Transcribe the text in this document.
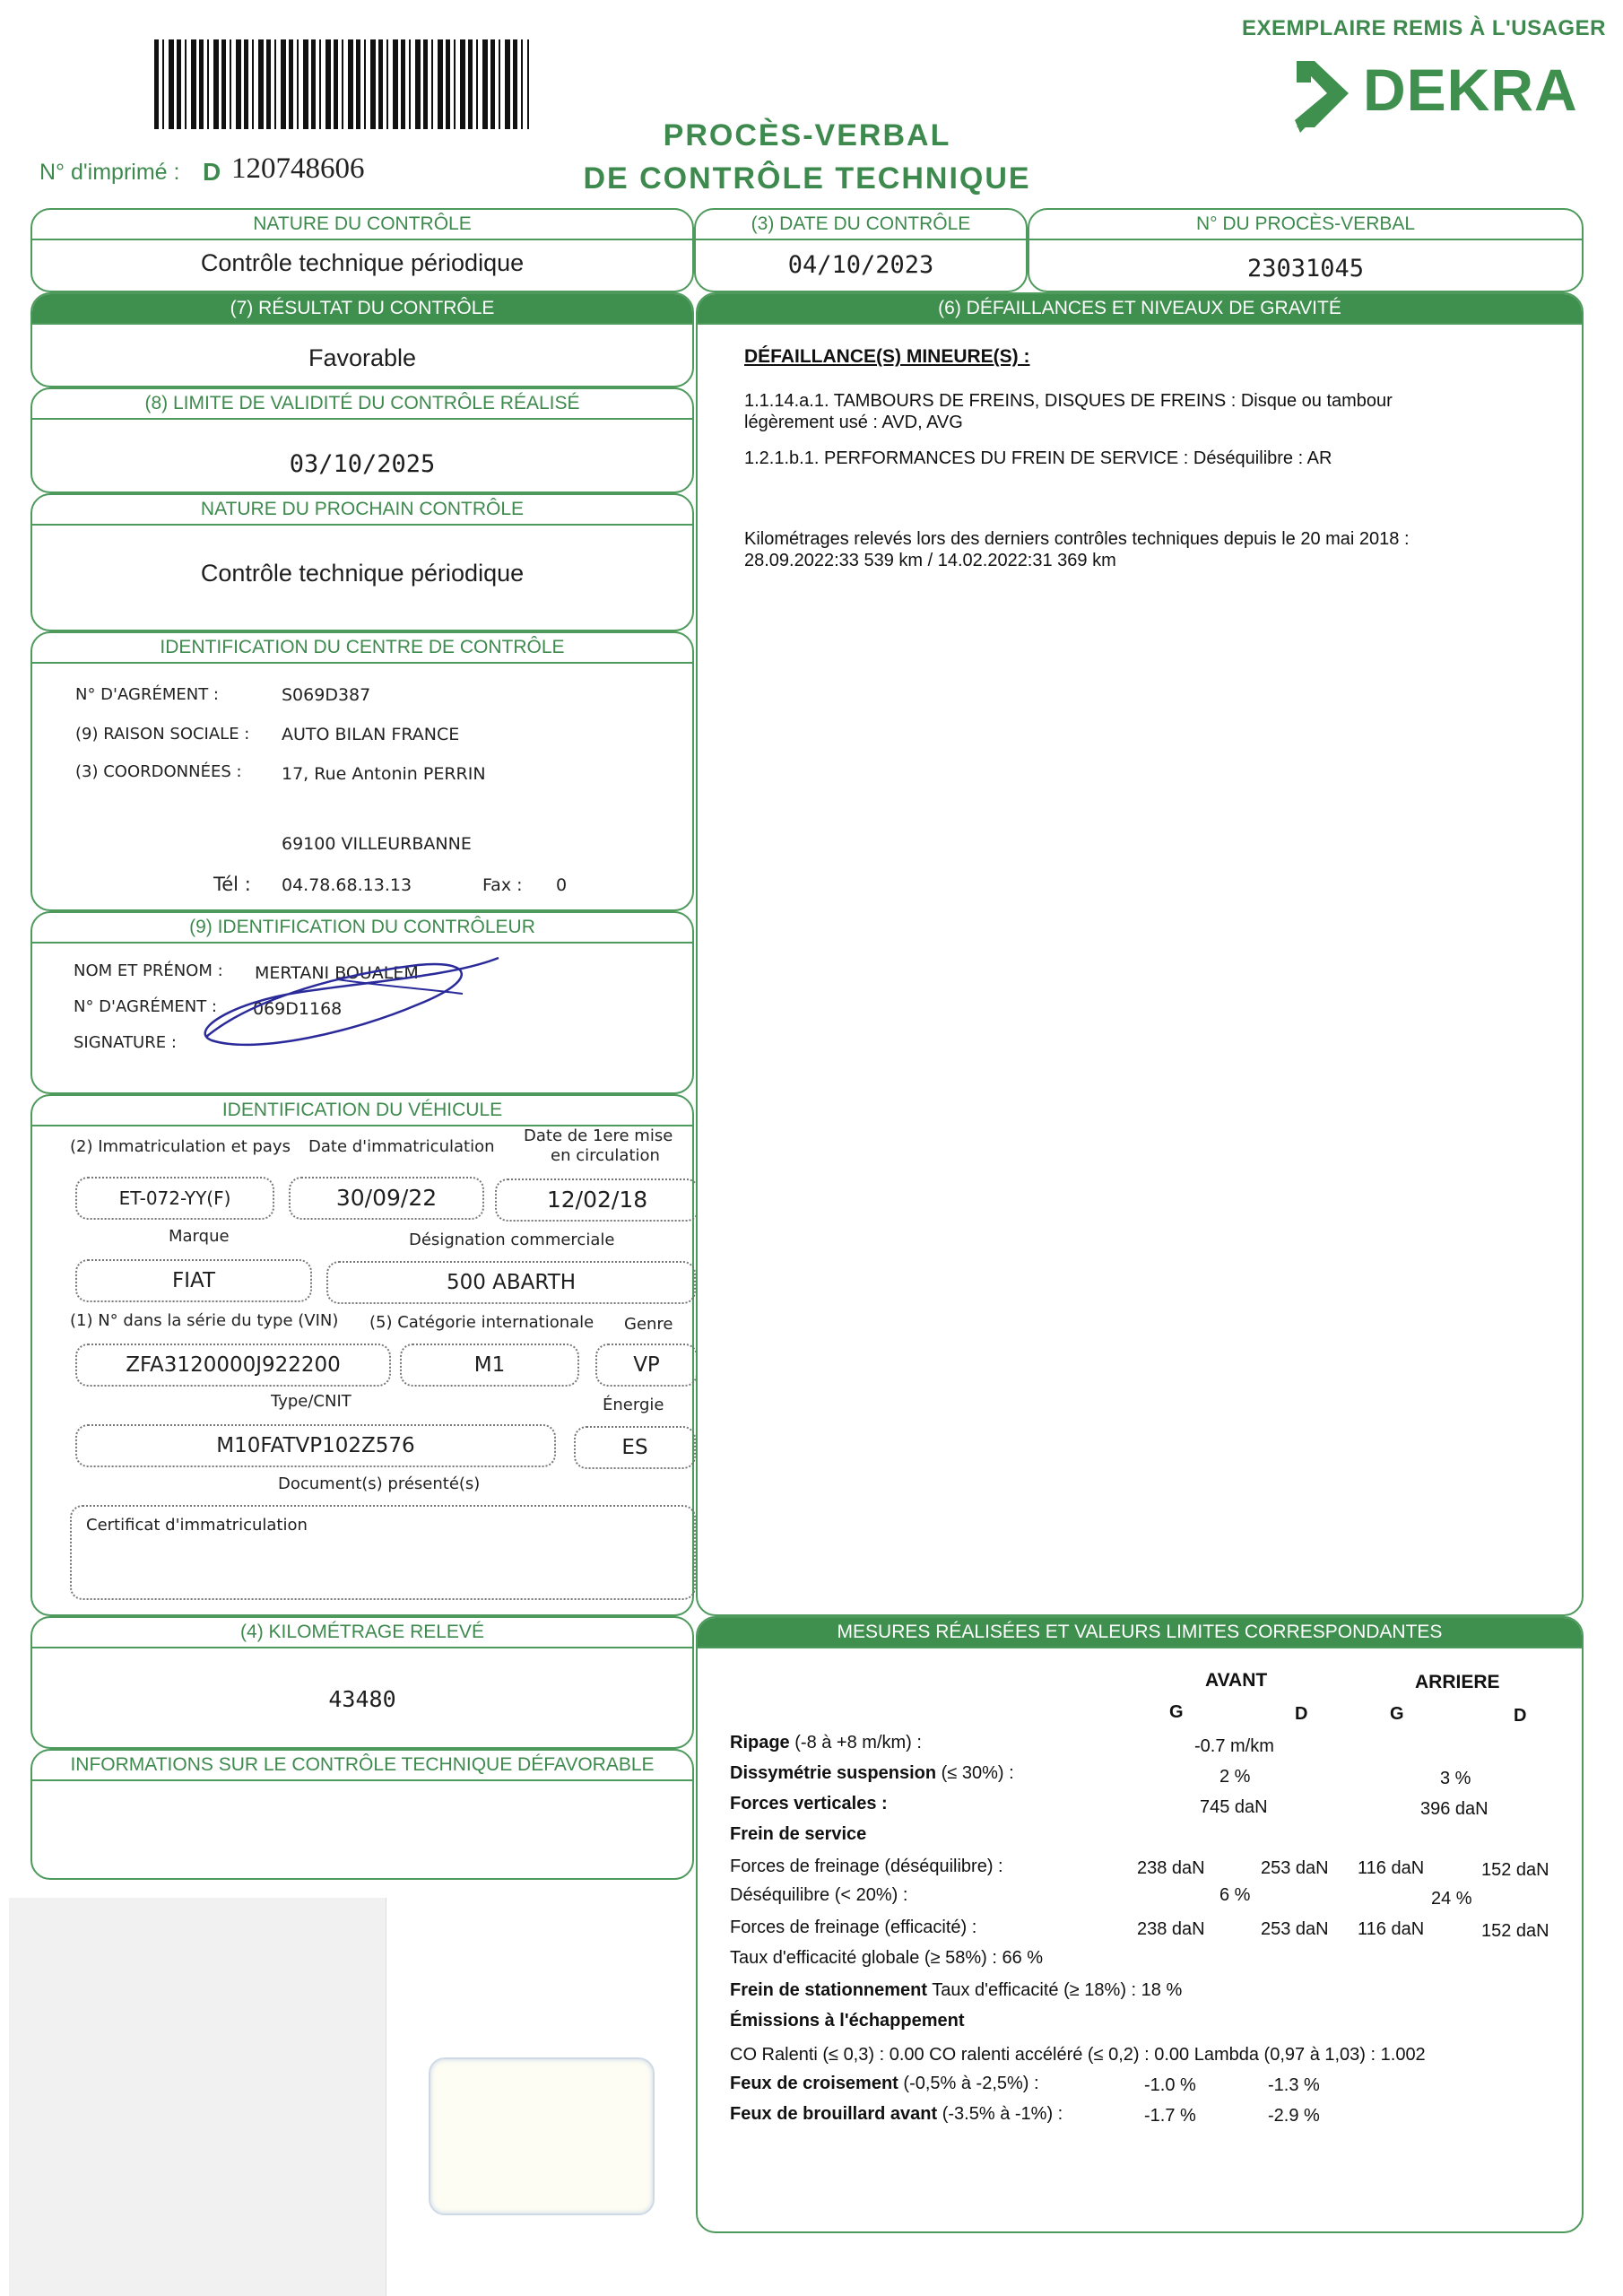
EXEMPLAIRE REMIS À L'USAGER
DEKRA
PROCÈS-VERBAL
DE CONTRÔLE TECHNIQUE
N° d'imprimé : D 120748606
NATURE DU CONTRÔLE
Contrôle technique périodique
(3) DATE DU CONTRÔLE
04/10/2023
N° DU PROCÈS-VERBAL
23031045
(7) RÉSULTAT DU CONTRÔLE
Favorable
(8) LIMITE DE VALIDITÉ DU CONTRÔLE RÉALISÉ
03/10/2025
NATURE DU PROCHAIN CONTRÔLE
Contrôle technique périodique
IDENTIFICATION DU CENTRE DE CONTRÔLE
N° D'AGRÉMENT :	S069D387
(9) RAISON SOCIALE : AUTO BILAN FRANCE
(3) COORDONNÉES : 17, Rue Antonin PERRIN
69100 VILLEURBANNE
Tél : 04.78.68.13.13	Fax : 0
(9) IDENTIFICATION DU CONTRÔLEUR
NOM ET PRÉNOM : MERTANI BOUALEM
N° D'AGRÉMENT : 069D1168
SIGNATURE :
IDENTIFICATION DU VÉHICULE
(2) Immatriculation et pays Date d'immatriculation
Date de 1ere mise
en circulation
ET-072-YY(F)	30/09/22	12/02/18
Marque	Désignation commerciale
FIAT	500 ABARTH
(1) N° dans la série du type (VIN) (5) Catégorie internationale Genre
ZFA3120000J922200	M1	VP
Type/CNIT	Énergie
M10FATVP102Z576	ES
Document(s) présenté(s)
Certificat d'immatriculation
(4) KILOMÉTRAGE RELEVÉ
43480
INFORMATIONS SUR LE CONTRÔLE TECHNIQUE DÉFAVORABLE
(6) DÉFAILLANCES ET NIVEAUX DE GRAVITÉ
DÉFAILLANCE(S) MINEURE(S) :
1.1.14.a.1. TAMBOURS DE FREINS, DISQUES DE FREINS : Disque ou tambour
légèrement usé : AVD, AVG
1.2.1.b.1. PERFORMANCES DU FREIN DE SERVICE : Déséquilibre : AR
Kilométrages relevés lors des derniers contrôles techniques depuis le 20 mai 2018 :
28.09.2022:33 539 km / 14.02.2022:31 369 km
MESURES RÉALISÉES ET VALEURS LIMITES CORRESPONDANTES
AVANT	ARRIERE
G	D	G	D
Ripage (-8 à +8 m/km) :	-0.7 m/km
Dissymétrie suspension (≤ 30%) :	2 %	3 %
Forces verticales :	745 daN	396 daN
Frein de service
Forces de freinage (déséquilibre) :	238 daN	253 daN 116 daN	152 daN
Déséquilibre (< 20%) :	6 %	24 %
Forces de freinage (efficacité) :	238 daN	253 daN 116 daN	152 daN
Taux d'efficacité globale (≥ 58%) : 66 %
Frein de stationnement Taux d'efficacité (≥ 18%) : 18 %
Émissions à l'échappement
CO Ralenti (≤ 0,3) : 0.00 CO ralenti accéléré (≤ 0,2) : 0.00 Lambda (0,97 à 1,03) : 1.002
Feux de croisement (-0,5% à -2,5%) :	-1.0 %	-1.3 %
Feux de brouillard avant (-3.5% à -1%) :	-1.7 %	-2.9 %
